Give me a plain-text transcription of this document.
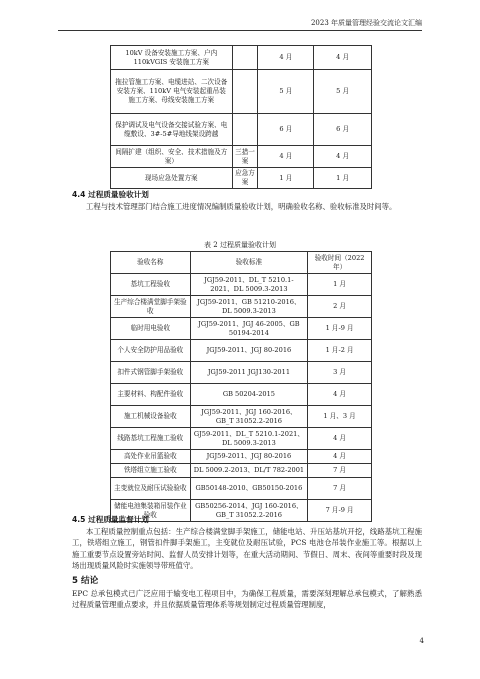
2023 年质量管理经验交流论文汇编
10kV 设备安装施工方案、户内 110kVGIS 安装施工方案		4 月	4 月
拖拉管施工方案、电缆进站、二次设备安装方案、110kV 电气安装起重吊装施工方案、母线安装施工方案		5 月	5 月
保护调试及电气设备交接试验方案、电缆敷设、3#-5#导地线架设跨越		6 月	6 月
间隔扩建（组织、安全、技术措施及方案）	三措一案	4 月	4 月
现场应急处置方案	应急方案	1 月	1 月
4.4 过程质量验收计划
工程与技术管理部门结合施工进度情况编制质量验收计划，明确验收名称、验收标准及时间等。
表 2 过程质量验收计划
验收名称	验收标准	验收时间（2022 年）
基坑工程验收	JGJ59-2011、DL_T 5210.1-2021、DL 5009.3-2013	1 月
生产综合楼满堂脚手架验收	JGJ59-2011、GB 51210-2016、DL 5009.3-2013	2 月
临时用电验收	JGJ59-2011、JGJ 46-2005、GB 50194-2014	1 月-9 月
个人安全防护用品验收	JGJ59-2011、JGJ 80-2016	1 月-2 月
扣件式钢管脚手架验收	JGJ59-2011 JGJ130-2011	3 月
主要材料、构配件验收	GB 50204-2015	4 月
施工机械设备验收	JGJ59-2011、JGJ 160-2016、GB_T 31052.2-2016	1 月、3 月
线路基坑工程施工验收	GJ59-2011、DL_T 5210.1-2021、DL 5009.3-2013	4 月
高处作业吊篮验收	JGJ59-2011、JGJ 80-2016	4 月
铁塔组立施工验收	DL 5009.2-2013、DL/T 782-2001	7 月
主变就位及耐压试验验收	GB50148-2010、GB50150-2016	7 月
储能电池集装箱吊装作业验收	GB50256-2014、JGJ 160-2016、GB_T 31052.2-2016	7 月-9 月
4.5 过程质量监督计划
本工程质量控制重点包括：生产综合楼满堂脚手架施工，储能电站、升压站基坑开挖，线路基坑工程施工，铁塔组立施工，钢管扣件脚手架施工，主变就位及耐压试验，PCS 电池仓吊装作业施工等。根据以上施工重要节点设置旁站时间、监督人员安排计划等，在重大活动期间、节假日、周末、夜间等重要时段及现场出现质量风险时实施领导带班值守。
5 结论
EPC 总承包模式已广泛应用于输变电工程项目中，为确保工程质量，需要深刻理解总承包模式，了解熟悉过程质量管理重点要求，并且依据质量管理体系等规划制定过程质量管理制度，
4
